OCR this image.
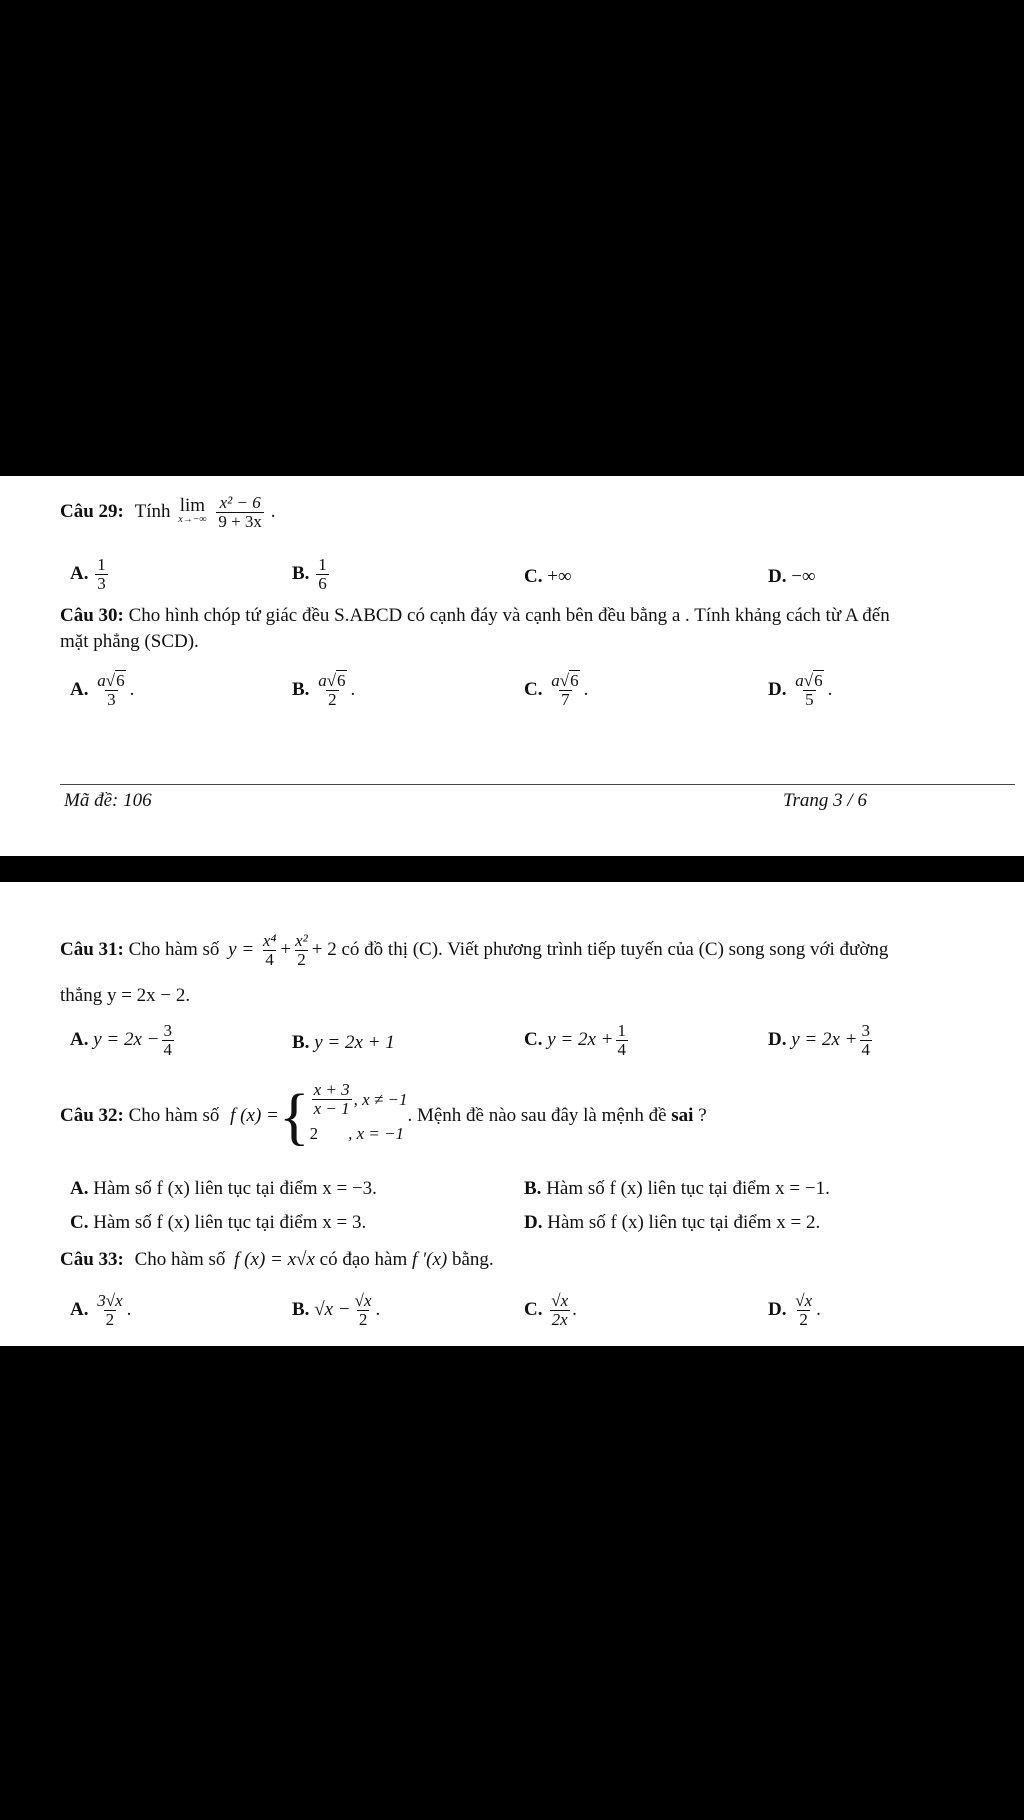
Câu 29: Tính lim
x→−∞
$\frac{\text{x² − 6}}{9 + 3x}$ .
A. $\frac{1}{3}$	B. $\frac{1}{6}$	C. +∞	D. −∞
Câu 30: Cho hình chóp tứ giác đều S.ABCD có cạnh đáy và cạnh bên đều bằng a . Tính khảng cách từ A đến
mặt phẳng (SCD).
A. $\frac{a√6}{3}$ .	B. $\frac{a√6}{2}$ .	C. $\frac{a√6}{7}$ .	D. $\frac{a√6}{5}$ .
Mã đề: 106	Trang 3 / 6
Câu 31: Cho hàm số $y = \frac{\text{x⁴}}{4} + \frac{\text{x²}}{2} + 2$ có đồ thị (C). Viết phương trình tiếp tuyến của (C) song song với đường
thẳng y = 2x − 2.
A. $y = 2x - \frac{3}{4}$	B. y = 2x + 1	C. $y = 2x + \frac{1}{4}$	D. $y = 2x + \frac{3}{4}$
Câu 32: Cho hàm số f (x) ={ $\frac{x + 3}{x - 1}$ , x ≠ −1
2 , x = −1
. Mệnh đề nào sau đây là mệnh đề sai ?
A. Hàm số f (x) liên tục tại điểm x = −3.	B. Hàm số f (x) liên tục tại điểm x = −1.
C. Hàm số f (x) liên tục tại điểm x = 3.	D. Hàm số f (x) liên tục tại điểm x = 2.
Câu 33: Cho hàm số f (x) = x√x có đạo hàm f ′(x) bằng.
A. $\frac{3√x}{2}$ .	B. $√x - \frac{√x}{2}$ .	C. $\frac{√x}{2x}$ .	D. $\frac{√x}{2}$ .
